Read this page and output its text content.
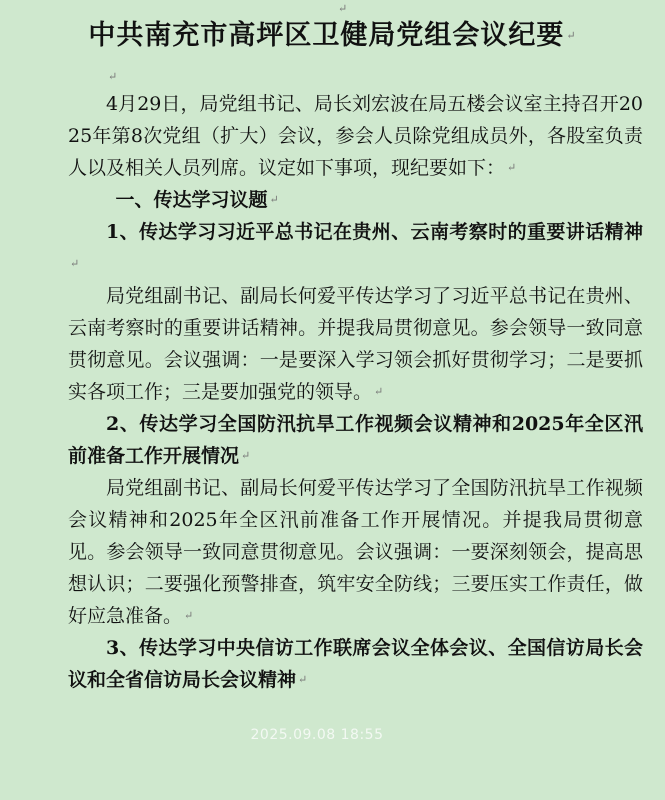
↵
中共南充市高坪区卫健局党组会议纪要 ↵
↵

4月29日，局党组书记、局长刘宏波在局五楼会议室主持召开2025年第8次党组（扩大）会议，参会人员除党组成员外，各股室负责人以及相关人员列席。议定如下事项，现纪要如下： ↵

一、传达学习议题 ↵

1、传达学习习近平总书记在贵州、云南考察时的重要讲话精神↵

局党组副书记、副局长何爱平传达学习了习近平总书记在贵州、云南考察时的重要讲话精神。并提我局贯彻意见。参会领导一致同意贯彻意见。会议强调：一是要深入学习领会抓好贯彻学习；二是要抓实各项工作；三是要加强党的领导。 ↵

2、传达学习全国防汛抗旱工作视频会议精神和2025年全区汛前准备工作开展情况 ↵

局党组副书记、副局长何爱平传达学习了全国防汛抗旱工作视频会议精神和2025年全区汛前准备工作开展情况。并提我局贯彻意见。参会领导一致同意贯彻意见。会议强调：一要深刻领会，提高思想认识；二要强化预警排查，筑牢安全防线；三要压实工作责任，做好应急准备。 ↵

3、传达学习中央信访工作联席会议全体会议、全国信访局长会议和全省信访局长会议精神 ↵

2025.09.08 18:55
